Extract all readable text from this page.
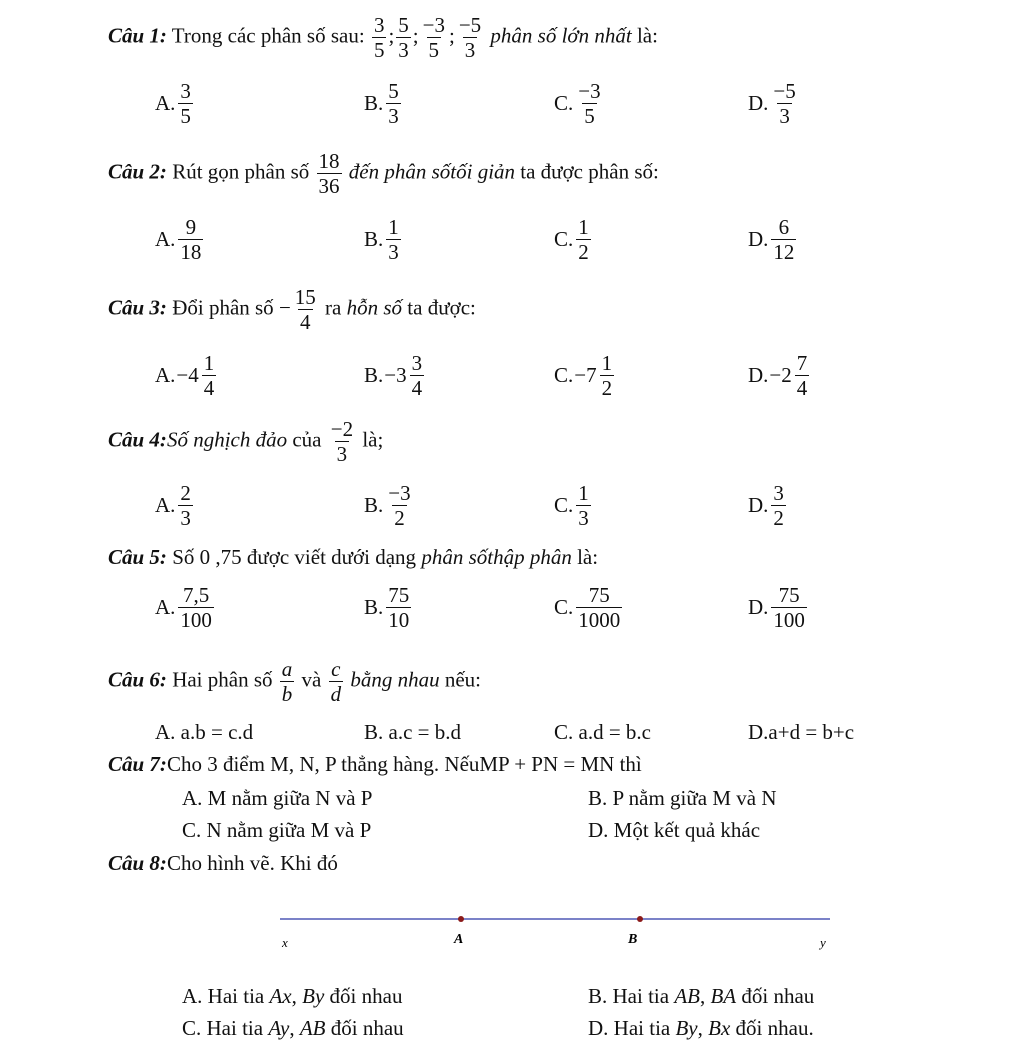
Câu 1: Trong các phân số sau: $\frac{3}{5}$ ; $\frac{5}{3}$ ; $\frac{-3}{5}$ ; $\frac{-5}{3}$ phân số lớn nhất là:
A. $\frac{3}{5}$	B. $\frac{5}{3}$	C. $\frac{-3}{5}$	D. $\frac{-5}{3}$
Câu 2: Rút gọn phân số $\frac{18}{36}$ đến phân sốtối giản ta được phân số:
A. $\frac{9}{18}$	B. $\frac{1}{3}$	C. $\frac{1}{2}$	D. $\frac{6}{12}$
Câu 3: Đổi phân số − $\frac{15}{4}$ ra hỗn số ta được:
A. $-4 \frac{1}{4}$	B. $-3 \frac{3}{4}$	C. $-7 \frac{1}{2}$	D. $-2 \frac{7}{4}$
Câu 4:Số nghịch đảo của $\frac{-2}{3}$ là;
A. $\frac{2}{3}$	B. $\frac{-3}{2}$	C. $\frac{1}{3}$	D. $\frac{3}{2}$
Câu 5: Số 0 ,75 được viết dưới dạng phân sốthập phân là:
A. $\frac{7,5}{100}$	B. $\frac{75}{10}$	C. $\frac{75}{1000}$	D. $\frac{75}{100}$
Câu 6: Hai phân số $\frac{a}{b}$ và $\frac{c}{d}$ bằng nhau nếu:
A. a.b = c.d	B. a.c = b.d	C. a.d = b.c	D.a+d = b+c
Câu 7:Cho 3 điểm M, N, P thẳng hàng. NếuMP + PN = MN thì
A. M nằm giữa N và P	B. P nằm giữa M và N
C. N nằm giữa M và P	D. Một kết quả khác
Câu 8:Cho hình vẽ. Khi đó
x	A	B	y
A. Hai tia Ax, By đối nhau	B. Hai tia AB, BA đối nhau
C. Hai tia Ay, AB đối nhau	D. Hai tia By, Bx đối nhau.
